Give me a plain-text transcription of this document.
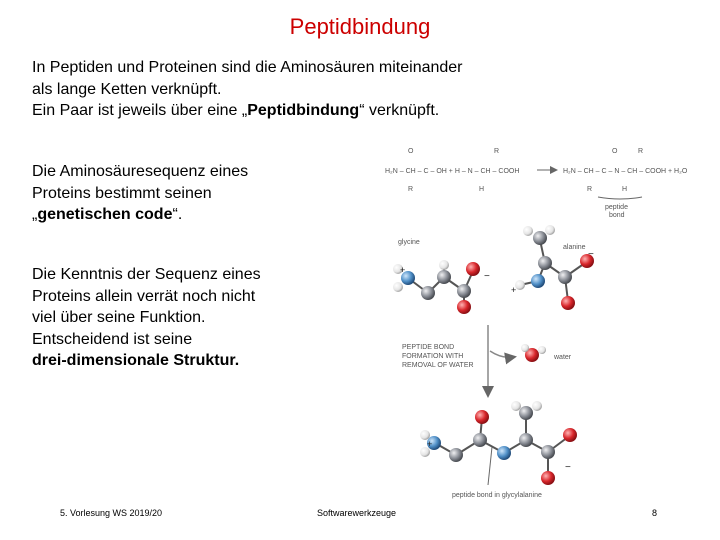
Peptidbindung
In Peptiden und Proteinen sind die Aminosäuren miteinander
als lange Ketten verknüpft.
Ein Paar ist jeweils über eine „Peptidbindung“ verknüpft.
Die Aminosäuresequenz eines
Proteins bestimmt seinen
„genetischen code“.
Die Kenntnis der Sequenz eines
Proteins allein verrät noch nicht
viel über seine Funktion.
Entscheidend ist seine
drei-dimensionale Struktur.
O	R	O	R
H₂N – CH – C – OH + H – N – CH – COOH	H₂N – CH – C – N – CH – COOH + H₂O
R	H	R	H
peptide
bond
glycine
alanine
+
−
+
−
PEPTIDE BOND
FORMATION WITH
REMOVAL OF WATER
water
+
−
peptide bond in glycylalanine
5. Vorlesung WS 2019/20	Softwarewerkzeuge	8
